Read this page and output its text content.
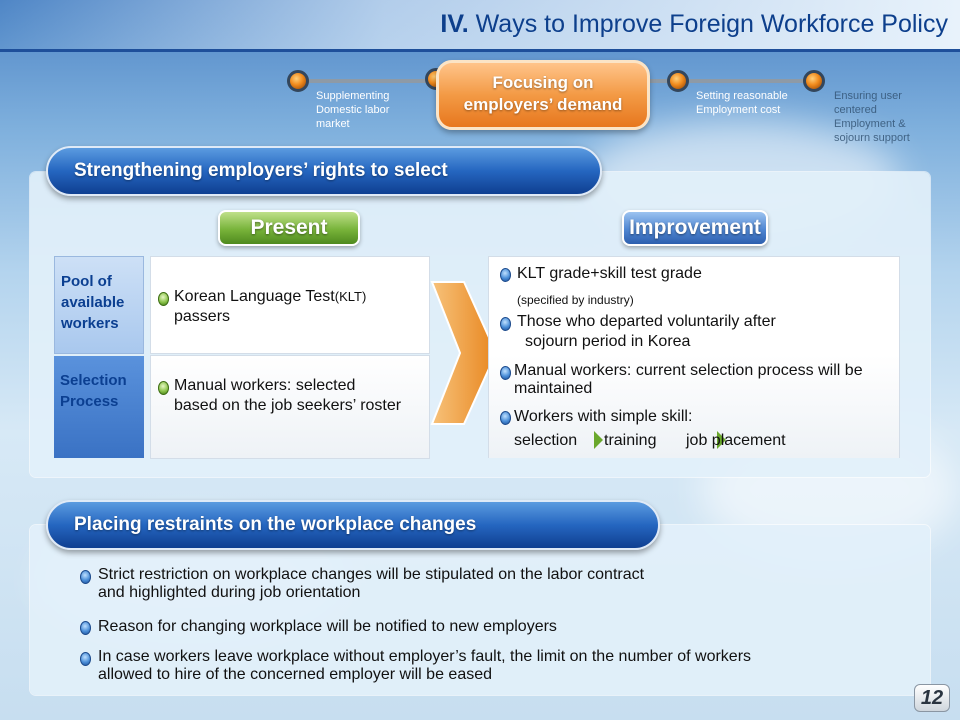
IV. Ways to Improve Foreign Workforce Policy
Supplementing
Domestic labor
market
Focusing on
employers’ demand	Setting reasonable
Employment cost
Ensuring user
centered
Employment &
sojourn support
Strengthening employers’ rights to select
Present	Improvement
Pool of
available
workers
Selection
Process
Korean Language Test(KLT)
passers
Manual workers: selected
based on the job seekers’ roster
KLT grade+skill test grade
(specified by industry)
Those who departed voluntarily after
sojourn period in Korea
Manual workers: current selection process will be
maintained
Workers with simple skill:
selection training job placement
Placing restraints on the workplace changes
Strict restriction on workplace changes will be stipulated on the labor contract
and highlighted during job orientation
Reason for changing workplace will be notified to new employers
In case workers leave workplace without employer’s fault, the limit on the number of workers
allowed to hire of the concerned employer will be eased
12
